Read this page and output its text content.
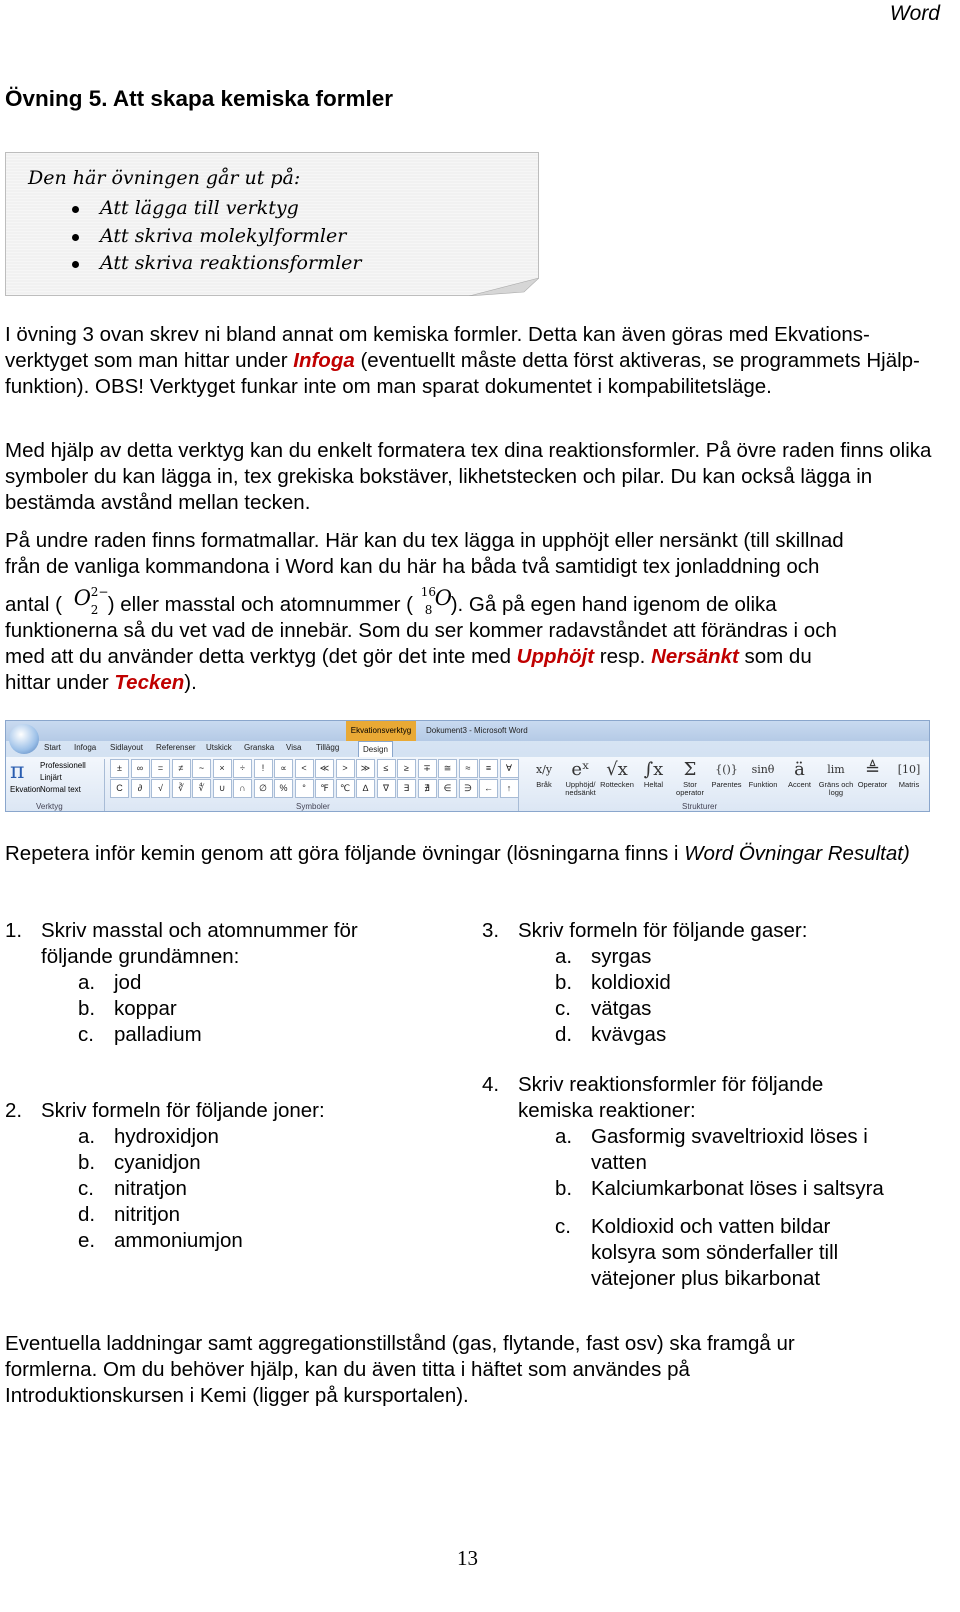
Word
Övning 5. Att skapa kemiska formler
Den här övningen går ut på:
Att lägga till verktyg
Att skriva molekylformler
Att skriva reaktionsformler
I övning 3 ovan skrev ni bland annat om kemiska formler. Detta kan även göras med Ekvations-verktyget som man hittar under Infoga (eventuellt måste detta först aktiveras, se programmets Hjälp-funktion). OBS! Verktyget funkar inte om man sparat dokumentet i kompabilitetsläge.
Med hjälp av detta verktyg kan du enkelt formatera tex dina reaktionsformler. På övre raden finns olika symboler du kan lägga in, tex grekiska bokstäver, likhetstecken och pilar. Du kan också lägga in bestämda avstånd mellan tecken.
På undre raden finns formatmallar. Här kan du tex lägga in upphöjt eller nersänkt (till skillnad
från de vanliga kommandona i Word kan du här ha båda två samtidigt tex jonladdning och
antal ( O 2−
2 ) eller masstal och atomnummer (
16
8 O
). Gå på egen hand igenom de olika
funktionerna så du vet vad de innebär. Som du ser kommer radavståndet att förändras i och
med att du använder detta verktyg (det gör det inte med Upphöjt resp. Nersänkt som du
hittar under Tecken).
Ekvationsverktyg	Dokument3 - Microsoft Word
Start Infoga Sidlayout Referenser Utskick Granska Visa Tillägg	Design
π
Ekvation
Professionell
Linjärt
Normal text
Verktyg
±	∞	=	≠	~	×	÷	!	∝	<	≪	>	≫	≤	≥	∓	≅	≈	≡	∀
C	∂	√	∛	∜	∪	∩	∅	%	°	℉	℃	∆	∇	∃	∄	∈	∋	←	↑
Symboler
x/y
Bråk
eˣ
Upphöjd/ nedsänkt
√x
Rottecken
∫x
Heltal
Σ
Stor operator
{()}
Parentes
sinθ
Funktion
ä
Accent
lim
Gräns och logg
≜
Operator
[10]
Matris
Strukturer
Repetera inför kemin genom att göra följande övningar (lösningarna finns i Word Övningar Resultat)
1. Skriv masstal och atomnummer för
följande grundämnen:
a. jod
b. koppar
c. palladium
2. Skriv formeln för följande joner:
a. hydroxidjon
b. cyanidjon
c. nitratjon
d. nitritjon
e. ammoniumjon
3. Skriv formeln för följande gaser:
a. syrgas
b. koldioxid
c. vätgas
d. kvävgas
4. Skriv reaktionsformler för följande
kemiska reaktioner:
a. Gasformig svaveltrioxid löses i
vatten
b. Kalciumkarbonat löses i saltsyra
c. Koldioxid och vatten bildar
kolsyra som sönderfaller till
vätejoner plus bikarbonat
Eventuella laddningar samt aggregationstillstånd (gas, flytande, fast osv) ska framgå ur
formlerna. Om du behöver hjälp, kan du även titta i häftet som användes på
Introduktionskursen i Kemi (ligger på kursportalen).
13
